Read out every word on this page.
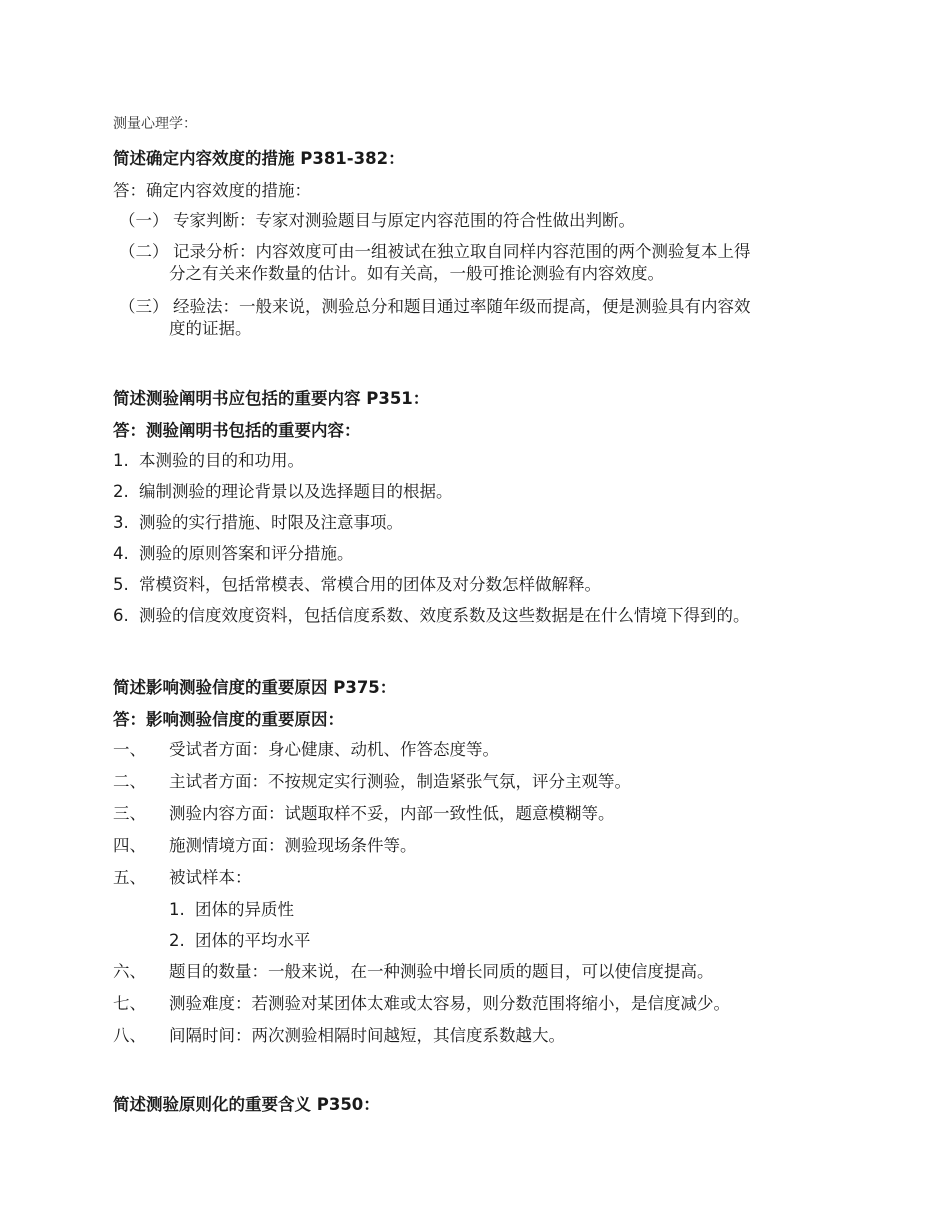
测量心理学：

简述确定内容效度的措施 P381-382：

答：确定内容效度的措施：

（一） 专家判断：专家对测验题目与原定内容范围的符合性做出判断。
（二） 记录分析：内容效度可由一组被试在独立取自同样内容范围的两个测验复本上得
分之有关来作数量的估计。如有关高，一般可推论测验有内容效度。
（三） 经验法：一般来说，测验总分和题目通过率随年级而提高，便是测验具有内容效
度的证据。

简述测验阐明书应包括的重要内容 P351：

答：测验阐明书包括的重要内容：

1. 本测验的目的和功用。
2. 编制测验的理论背景以及选择题目的根据。
3. 测验的实行措施、时限及注意事项。
4. 测验的原则答案和评分措施。
5. 常模资料，包括常模表、常模合用的团体及对分数怎样做解释。
6. 测验的信度效度资料，包括信度系数、效度系数及这些数据是在什么情境下得到的。

简述影响测验信度的重要原因 P375：

答：影响测验信度的重要原因：

一、	受试者方面：身心健康、动机、作答态度等。
二、	主试者方面：不按规定实行测验，制造紧张气氛，评分主观等。
三、	测验内容方面：试题取样不妥，内部一致性低，题意模糊等。
四、	施测情境方面：测验现场条件等。
五、	被试样本：
1. 团体的异质性
2. 团体的平均水平
六、	题目的数量：一般来说，在一种测验中增长同质的题目，可以使信度提高。
七、	测验难度：若测验对某团体太难或太容易，则分数范围将缩小，是信度减少。
八、	间隔时间：两次测验相隔时间越短，其信度系数越大。

简述测验原则化的重要含义 P350：
